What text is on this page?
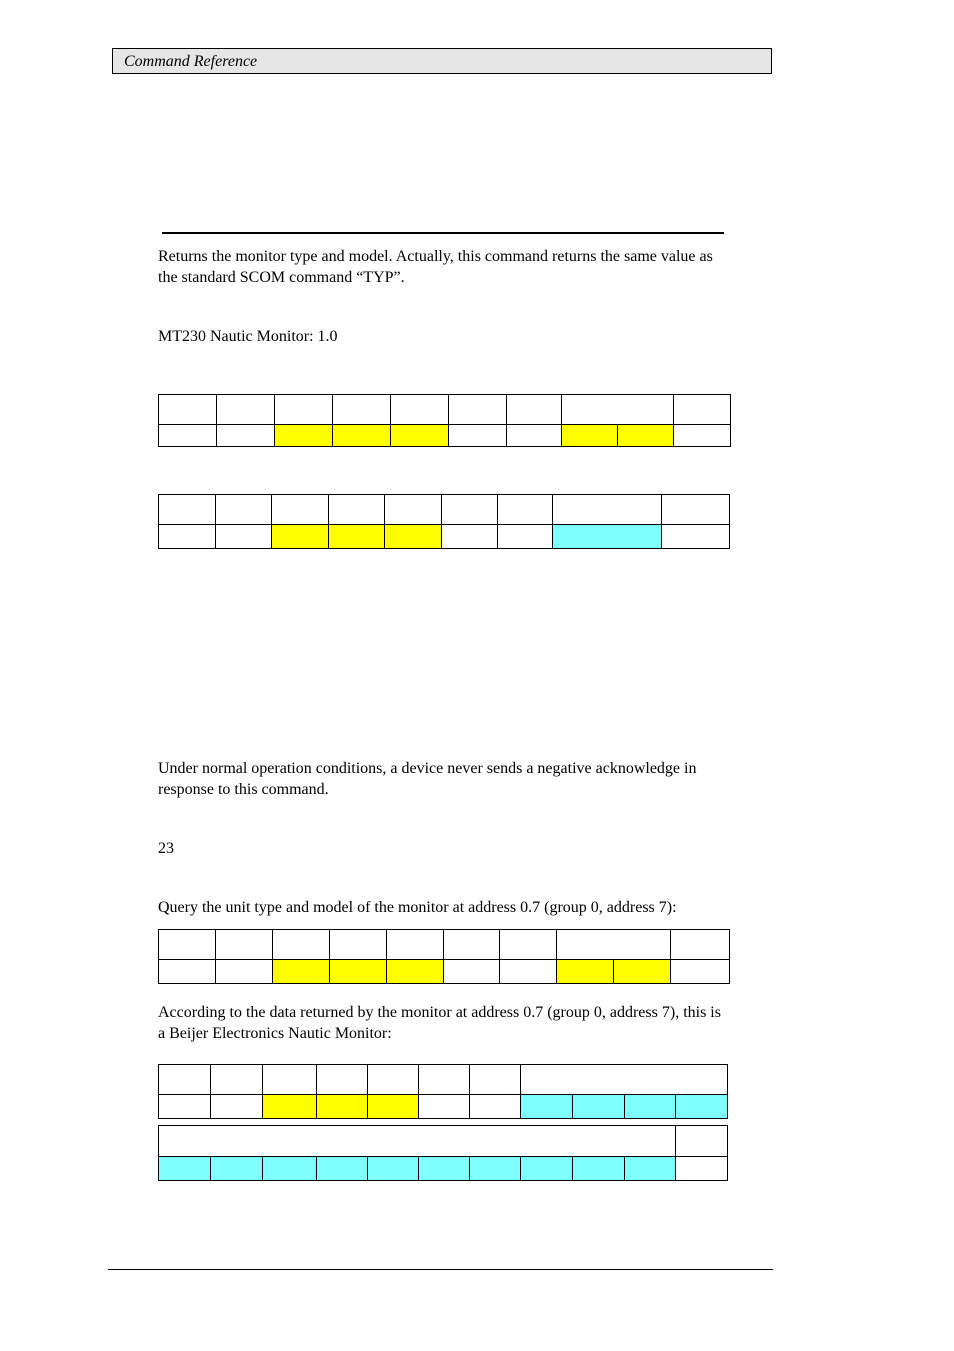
Command Reference

Returns the monitor type and model. Actually, this command returns the same value as the standard SCOM command “TYP”.

MT230 Nautic Monitor: 1.0

Under normal operation conditions, a device never sends a negative acknowledge in response to this command.

23

Query the unit type and model of the monitor at address 0.7 (group 0, address 7):

According to the data returned by the monitor at address 0.7 (group 0, address 7), this is a Beijer Electronics Nautic Monitor:
